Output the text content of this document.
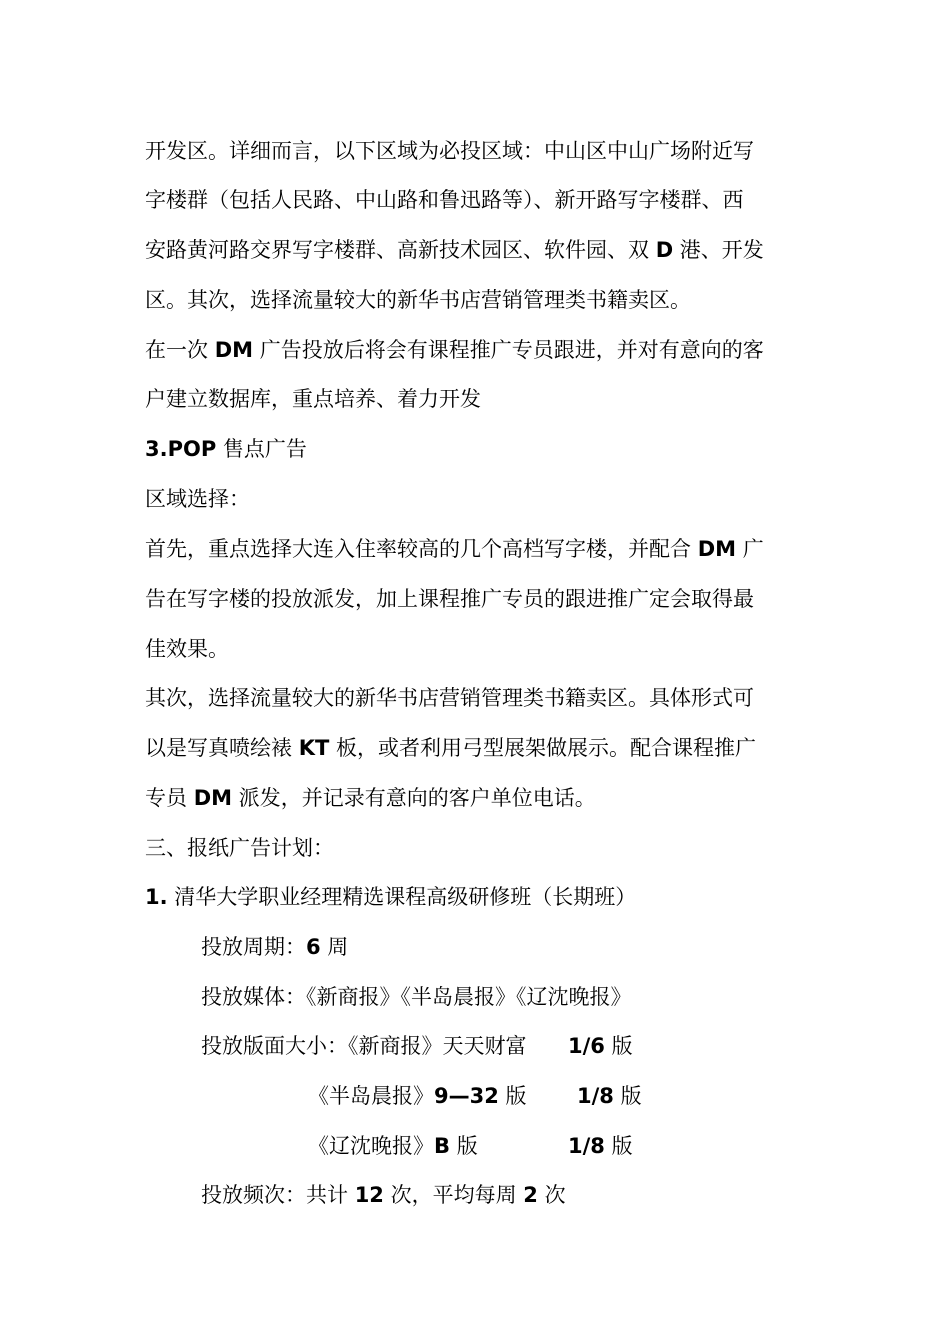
开发区。详细而言，以下区域为必投区域：中山区中山广场附近写
字楼群（包括人民路、中山路和鲁迅路等）、新开路写字楼群、西
安路黄河路交界写字楼群、高新技术园区、软件园、双 D 港、开发
区。其次，选择流量较大的新华书店营销管理类书籍卖区。
在一次 DM 广告投放后将会有课程推广专员跟进，并对有意向的客
户建立数据库，重点培养、着力开发
3.POP 售点广告
区域选择：
首先，重点选择大连入住率较高的几个高档写字楼，并配合 DM 广
告在写字楼的投放派发，加上课程推广专员的跟进推广定会取得最
佳效果。
其次，选择流量较大的新华书店营销管理类书籍卖区。具体形式可
以是写真喷绘裱 KT 板，或者利用弓型展架做展示。配合课程推广
专员 DM 派发，并记录有意向的客户单位电话。
三、报纸广告计划：
1. 清华大学职业经理精选课程高级研修班（长期班）
投放周期：6 周
投放媒体：《新商报》《半岛晨报》《辽沈晚报》
投放版面大小：《新商报》天天财富 1/6 版
《半岛晨报》9—32 版 1/8 版
《辽沈晚报》B 版	1/8 版
投放频次：共计 12 次，平均每周 2 次
